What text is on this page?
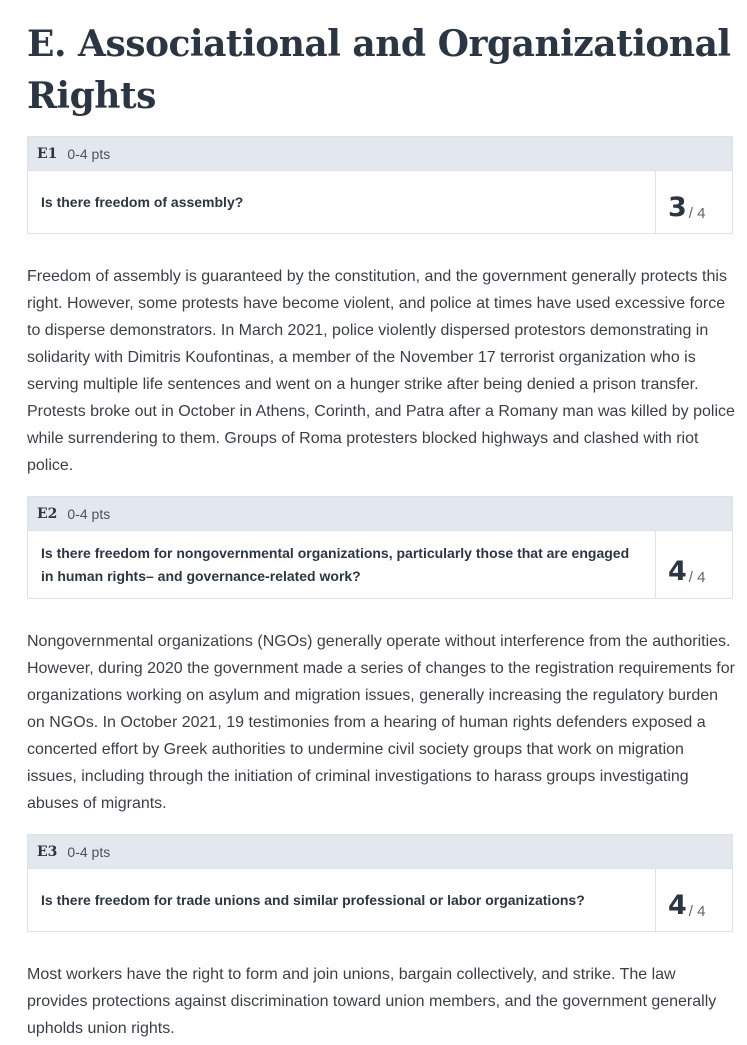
E. Associational and Organizational Rights
E1 0-4 pts
Is there freedom of assembly?	3 / 4

Freedom of assembly is guaranteed by the constitution, and the government generally protects this right. However, some protests have become violent, and police at times have used excessive force to disperse demonstrators. In March 2021, police violently dispersed protestors demonstrating in solidarity with Dimitris Koufontinas, a member of the November 17 terrorist organization who is serving multiple life sentences and went on a hunger strike after being denied a prison transfer. Protests broke out in October in Athens, Corinth, and Patra after a Romany man was killed by police while surrendering to them. Groups of Roma protesters blocked highways and clashed with riot police.

E2 0-4 pts
Is there freedom for nongovernmental organizations, particularly those that are engaged in human rights– and governance-related work?	4 / 4

Nongovernmental organizations (NGOs) generally operate without interference from the authorities. However, during 2020 the government made a series of changes to the registration requirements for organizations working on asylum and migration issues, generally increasing the regulatory burden on NGOs. In October 2021, 19 testimonies from a hearing of human rights defenders exposed a concerted effort by Greek authorities to undermine civil society groups that work on migration issues, including through the initiation of criminal investigations to harass groups investigating abuses of migrants.

E3 0-4 pts
Is there freedom for trade unions and similar professional or labor organizations?	4 / 4

Most workers have the right to form and join unions, bargain collectively, and strike. The law provides protections against discrimination toward union members, and the government generally upholds union rights.
